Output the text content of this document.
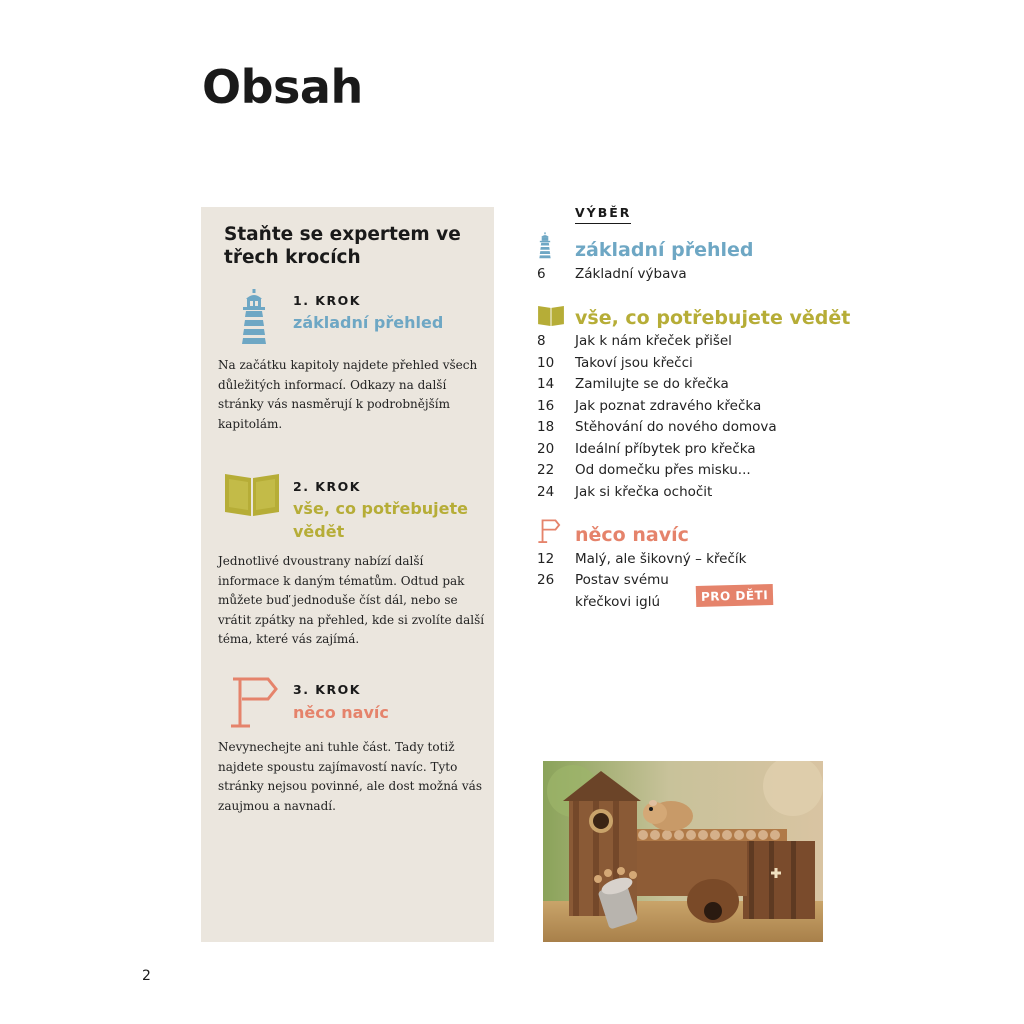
Obsah
Staňte se expertem ve třech krocích
1. KROK
základní přehled
Na začátku kapitoly najdete přehled všech důležitých informací. Odkazy na další stránky vás nasměrují k podrobnějším kapitolám.
2. KROK
vše, co potřebujete vědět
Jednotlivé dvoustrany nabízí další informace k daným tématům. Odtud pak můžete buď jednoduše číst dál, nebo se vrátit zpátky na přehled, kde si zvolíte další téma, které vás zajímá.
3. KROK
něco navíc
Nevynechejte ani tuhle část. Tady totiž najdete spoustu zajímavostí navíc. Tyto stránky nejsou povinné, ale dost možná vás zaujmou a navnadí.
VÝBĚR
základní přehled
6	Základní výbava
vše, co potřebujete vědět
8	Jak k nám křeček přišel
10	Takoví jsou křečci
14	Zamilujte se do křečka
16	Jak poznat zdravého křečka
18	Stěhování do nového domova
20	Ideální příbytek pro křečka
22	Od domečku přes misku...
24	Jak si křečka ochočit
něco navíc
12	Malý, ale šikovný – křečík
26	Postav svému
křečkovi iglú	PRO DĚTI
2
